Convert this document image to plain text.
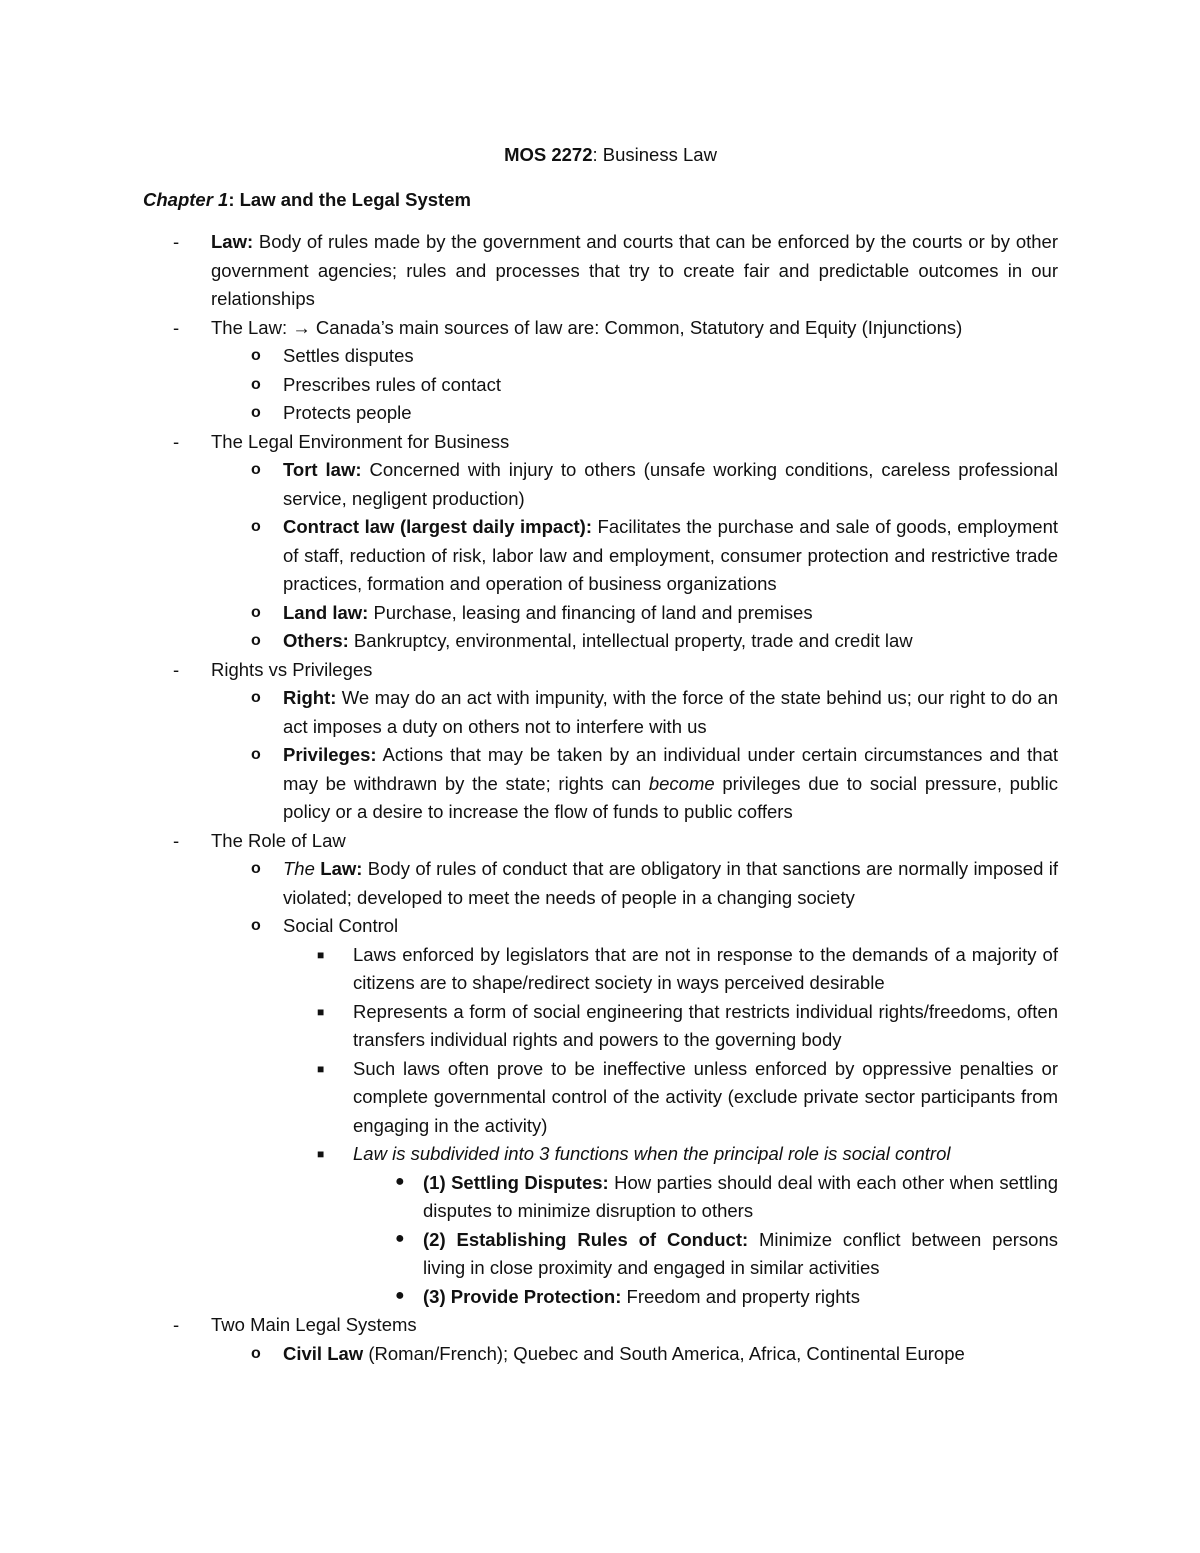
MOS 2272: Business Law
Chapter 1: Law and the Legal System
- Law: Body of rules made by the government and courts that can be enforced by the courts or by other government agencies; rules and processes that try to create fair and predictable outcomes in our relationships
- The Law: → Canada’s main sources of law are: Common, Statutory and Equity (Injunctions)
o Settles disputes
o Prescribes rules of contact
o Protects people
- The Legal Environment for Business
o Tort law: Concerned with injury to others (unsafe working conditions, careless professional service, negligent production)
o Contract law (largest daily impact): Facilitates the purchase and sale of goods, employment of staff, reduction of risk, labor law and employment, consumer protection and restrictive trade practices, formation and operation of business organizations
o Land law: Purchase, leasing and financing of land and premises
o Others: Bankruptcy, environmental, intellectual property, trade and credit law
- Rights vs Privileges
o Right: We may do an act with impunity, with the force of the state behind us; our right to do an act imposes a duty on others not to interfere with us
o Privileges: Actions that may be taken by an individual under certain circumstances and that may be withdrawn by the state; rights can become privileges due to social pressure, public policy or a desire to increase the flow of funds to public coffers
- The Role of Law
o The Law: Body of rules of conduct that are obligatory in that sanctions are normally imposed if violated; developed to meet the needs of people in a changing society
o Social Control
■ Laws enforced by legislators that are not in response to the demands of a majority of citizens are to shape/redirect society in ways perceived desirable
■ Represents a form of social engineering that restricts individual rights/freedoms, often transfers individual rights and powers to the governing body
■ Such laws often prove to be ineffective unless enforced by oppressive penalties or complete governmental control of the activity (exclude private sector participants from engaging in the activity)
■ Law is subdivided into 3 functions when the principal role is social control
● (1) Settling Disputes: How parties should deal with each other when settling disputes to minimize disruption to others
● (2) Establishing Rules of Conduct: Minimize conflict between persons living in close proximity and engaged in similar activities
● (3) Provide Protection: Freedom and property rights
- Two Main Legal Systems
o Civil Law (Roman/French); Quebec and South America, Africa, Continental Europe
